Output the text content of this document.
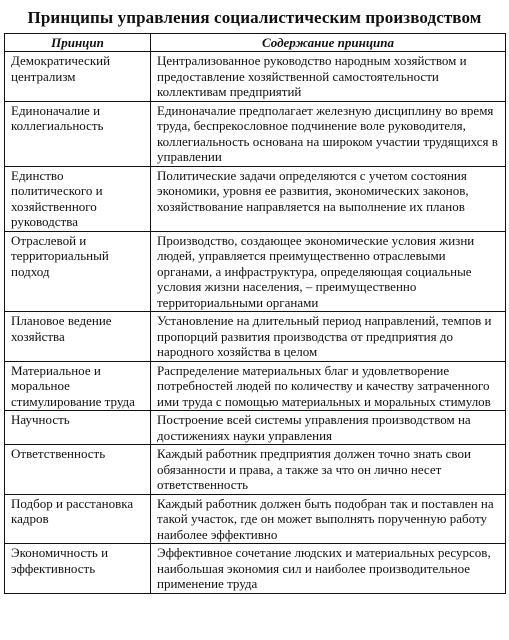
Принципы управления социалистическим производством
Принцип	Содержание принципа
Демократический централизм	Централизованное руководство народным хозяйством и предоставление хозяйственной самостоятельности коллективам предприятий
Единоначалие и коллегиальность	Единоначалие предполагает железную дисциплину во время труда, беспрекословное подчинение воле руководителя, коллегиальность основана на широком участии трудящихся в управлении
Единство политического и хозяйственного руководства	Политические задачи определяются с учетом состояния экономики, уровня ее развития, экономических законов, хозяйствование направляется на выполнение их планов
Отраслевой и территориальный подход	Производство, создающее экономические условия жизни людей, управляется преимущественно отраслевыми органами, а инфраструктура, определяющая социальные условия жизни населения, – преимущественно территориальными органами
Плановое ведение хозяйства	Установление на длительный период направлений, темпов и пропорций развития производства от предприятия до народного хозяйства в целом
Материальное и моральное стимулирование труда	Распределение материальных благ и удовлетворение потребностей людей по количеству и качеству затраченного ими труда с помощью материальных и моральных стимулов
Научность	Построение всей системы управления производством на достижениях науки управления
Ответственность	Каждый работник предприятия должен точно знать свои обязанности и права, а также за что он лично несет ответственность
Подбор и расстановка кадров	Каждый работник должен быть подобран так и поставлен на такой участок, где он может выполнять порученную работу наиболее эффективно
Экономичность и эффективность	Эффективное сочетание людских и материальных ресурсов, наибольшая экономия сил и наиболее производительное применение труда
